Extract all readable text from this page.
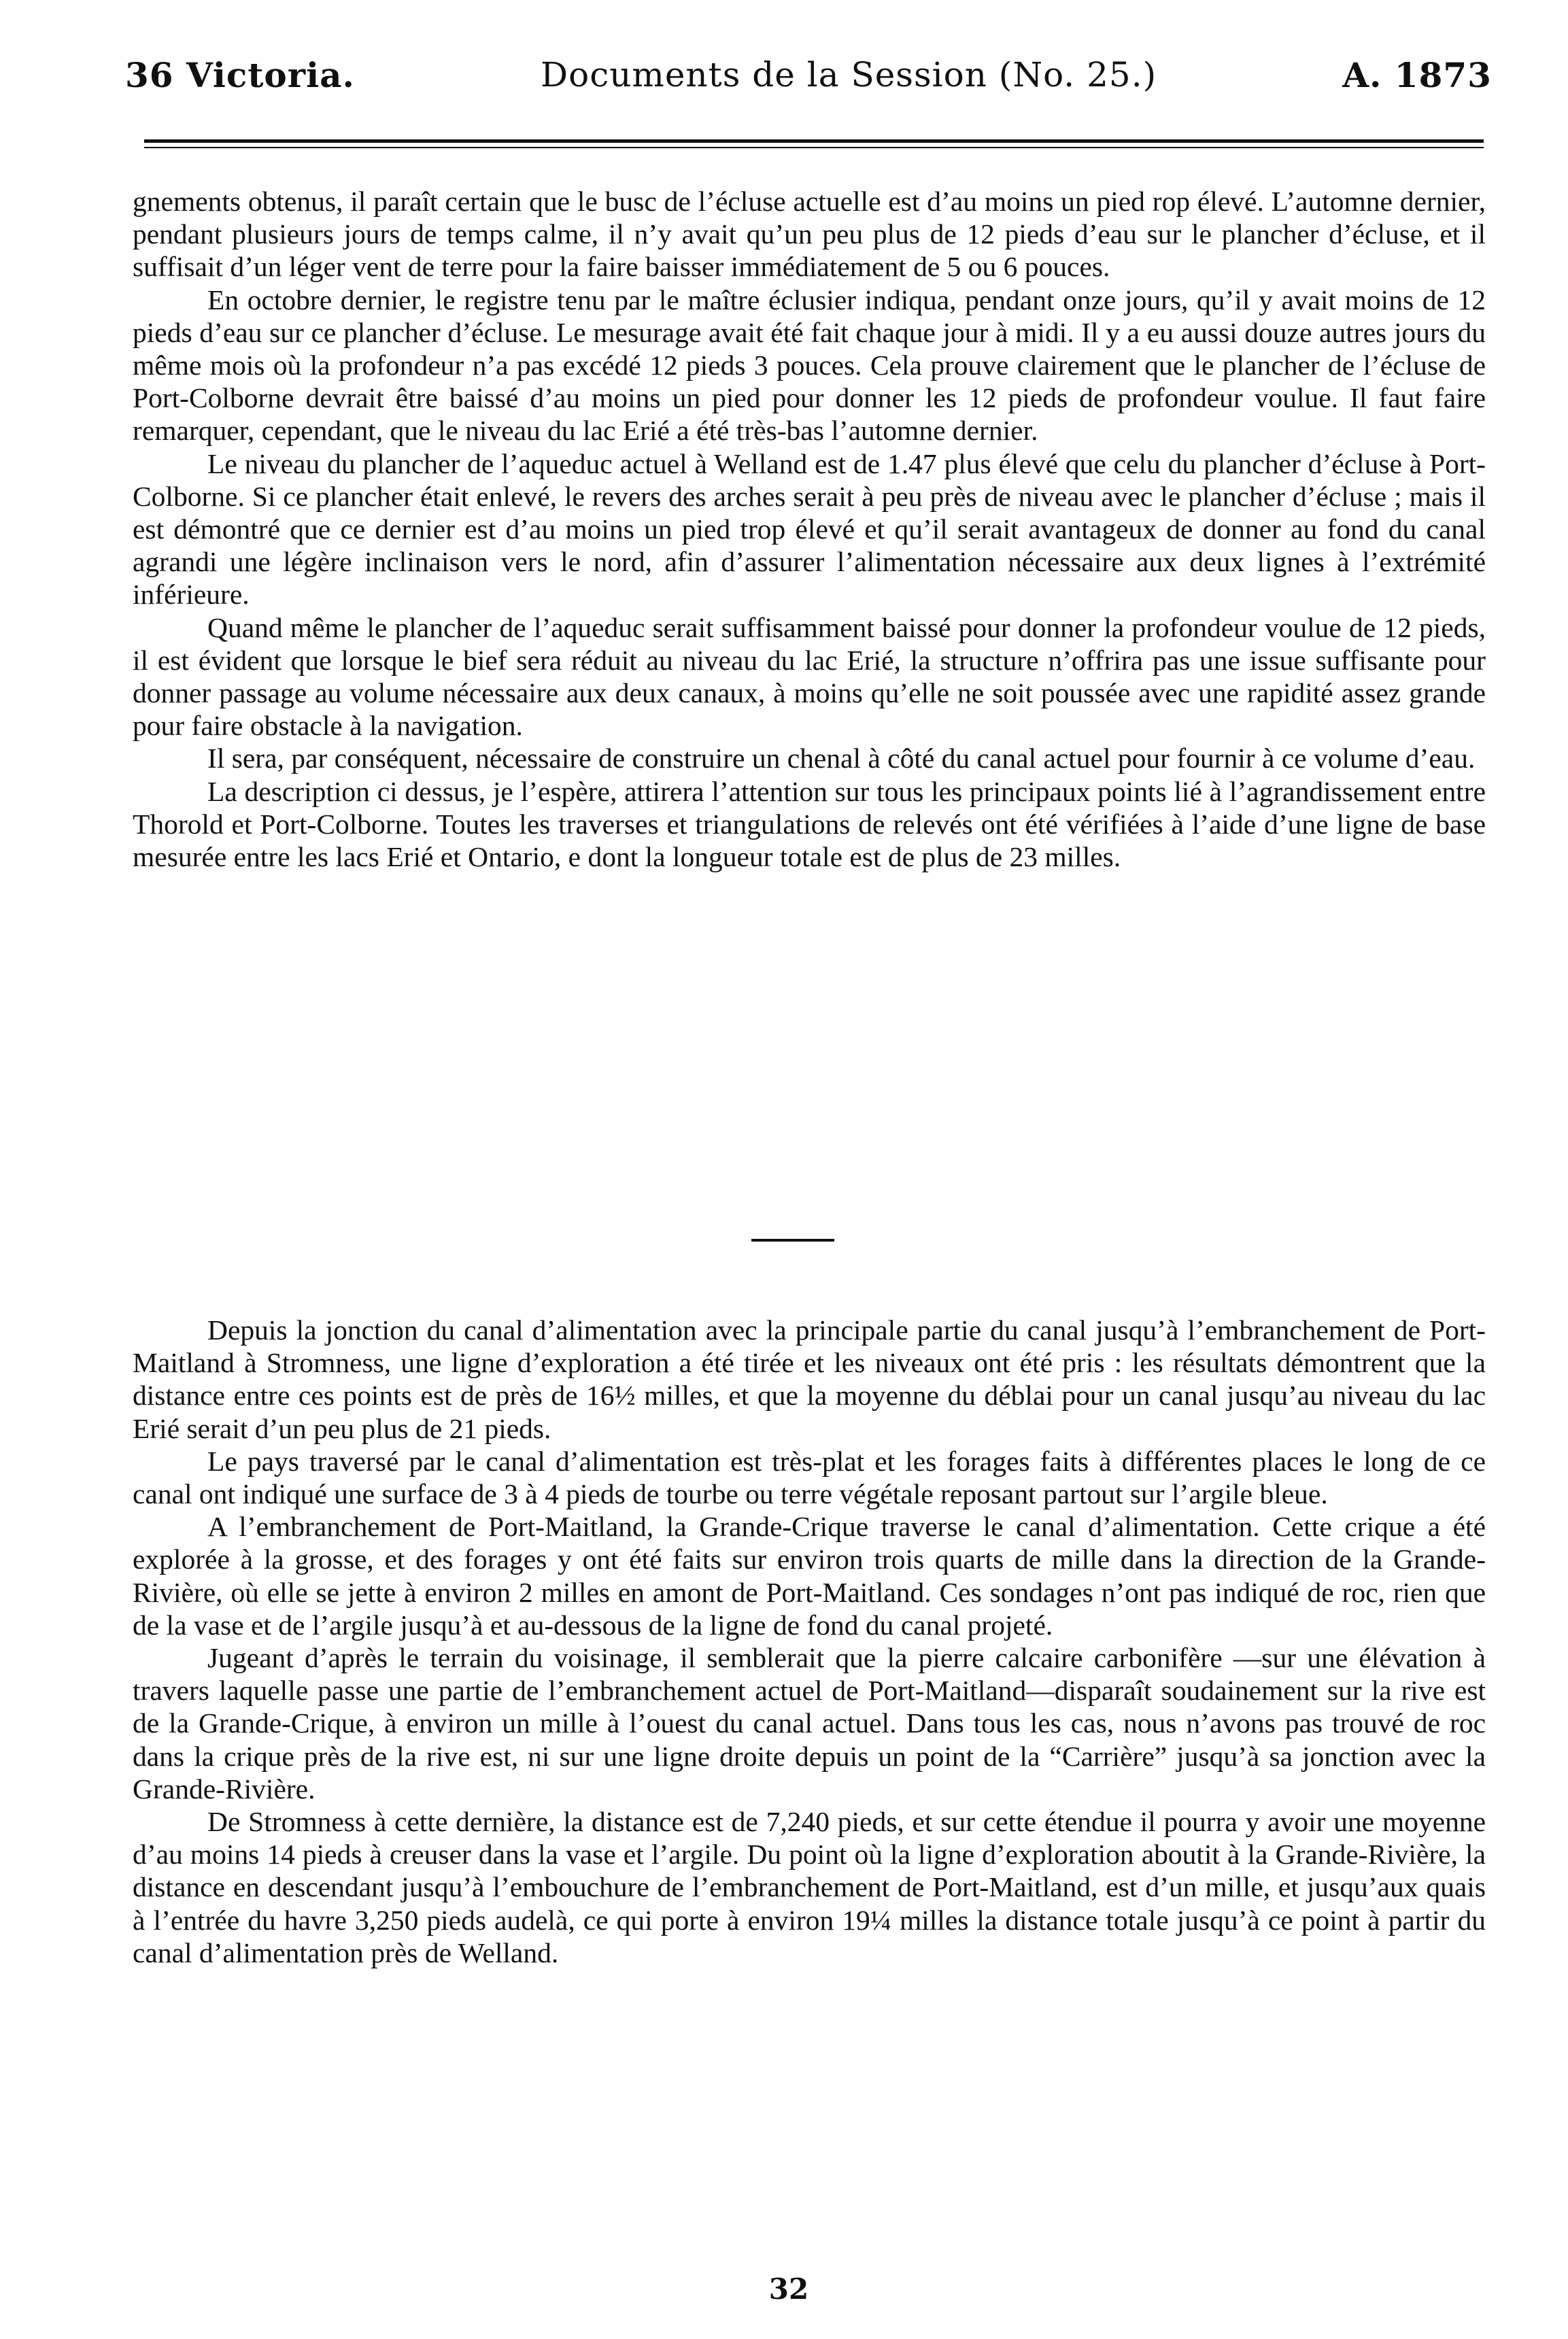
36 Victoria.	Documents de la Session (No. 25.)	A. 1873

gnements obtenus, il paraît certain que le busc de l’écluse actuelle est d’au moins un pied rop élevé. L’automne dernier, pendant plusieurs jours de temps calme, il n’y avait qu’un peu plus de 12 pieds d’eau sur le plancher d’écluse, et il suffisait d’un léger vent de terre pour la faire baisser immédiatement de 5 ou 6 pouces.

En octobre dernier, le registre tenu par le maître éclusier indiqua, pendant onze jours, qu’il y avait moins de 12 pieds d’eau sur ce plancher d’écluse. Le mesurage avait été fait chaque jour à midi. Il y a eu aussi douze autres jours du même mois où la profondeur n’a pas excédé 12 pieds 3 pouces. Cela prouve clairement que le plancher de l’écluse de Port-Colborne devrait être baissé d’au moins un pied pour donner les 12 pieds de profondeur voulue. Il faut faire remarquer, cependant, que le niveau du lac Erié a été très-bas l’automne dernier.

Le niveau du plancher de l’aqueduc actuel à Welland est de 1.47 plus élevé que celu du plancher d’écluse à Port-Colborne. Si ce plancher était enlevé, le revers des arches serait à peu près de niveau avec le plancher d’écluse ; mais il est démontré que ce dernier est d’au moins un pied trop élevé et qu’il serait avantageux de donner au fond du canal agrandi une légère inclinaison vers le nord, afin d’assurer l’alimentation nécessaire aux deux lignes à l’extrémité inférieure.

Quand même le plancher de l’aqueduc serait suffisamment baissé pour donner la profondeur voulue de 12 pieds, il est évident que lorsque le bief sera réduit au niveau du lac Erié, la structure n’offrira pas une issue suffisante pour donner passage au volume nécessaire aux deux canaux, à moins qu’elle ne soit poussée avec une rapidité assez grande pour faire obstacle à la navigation.

Il sera, par conséquent, nécessaire de construire un chenal à côté du canal actuel pour fournir à ce volume d’eau.

La description ci dessus, je l’espère, attirera l’attention sur tous les principaux points lié à l’agrandissement entre Thorold et Port-Colborne. Toutes les traverses et triangulations de relevés ont été vérifiées à l’aide d’une ligne de base mesurée entre les lacs Erié et Ontario, e dont la longueur totale est de plus de 23 milles.

Depuis la jonction du canal d’alimentation avec la principale partie du canal jusqu’à l’embranchement de Port-Maitland à Stromness, une ligne d’exploration a été tirée et les niveaux ont été pris : les résultats démontrent que la distance entre ces points est de près de 16½ milles, et que la moyenne du déblai pour un canal jusqu’au niveau du lac Erié serait d’un peu plus de 21 pieds.

Le pays traversé par le canal d’alimentation est très-plat et les forages faits à différentes places le long de ce canal ont indiqué une surface de 3 à 4 pieds de tourbe ou terre végétale reposant partout sur l’argile bleue.

A l’embranchement de Port-Maitland, la Grande-Crique traverse le canal d’alimentation. Cette crique a été explorée à la grosse, et des forages y ont été faits sur environ trois quarts de mille dans la direction de la Grande-Rivière, où elle se jette à environ 2 milles en amont de Port-Maitland. Ces sondages n’ont pas indiqué de roc, rien que de la vase et de l’argile jusqu’à et au-dessous de la ligne de fond du canal projeté.

Jugeant d’après le terrain du voisinage, il semblerait que la pierre calcaire carbonifère —sur une élévation à travers laquelle passe une partie de l’embranchement actuel de Port-Maitland—disparaît soudainement sur la rive est de la Grande-Crique, à environ un mille à l’ouest du canal actuel. Dans tous les cas, nous n’avons pas trouvé de roc dans la crique près de la rive est, ni sur une ligne droite depuis un point de la “Carrière” jusqu’à sa jonction avec la Grande-Rivière.

De Stromness à cette dernière, la distance est de 7,240 pieds, et sur cette étendue il pourra y avoir une moyenne d’au moins 14 pieds à creuser dans la vase et l’argile. Du point où la ligne d’exploration aboutit à la Grande-Rivière, la distance en descendant jusqu’à l’embouchure de l’embranchement de Port-Maitland, est d’un mille, et jusqu’aux quais à l’entrée du havre 3,250 pieds audelà, ce qui porte à environ 19¼ milles la distance totale jusqu’à ce point à partir du canal d’alimentation près de Welland.

32
